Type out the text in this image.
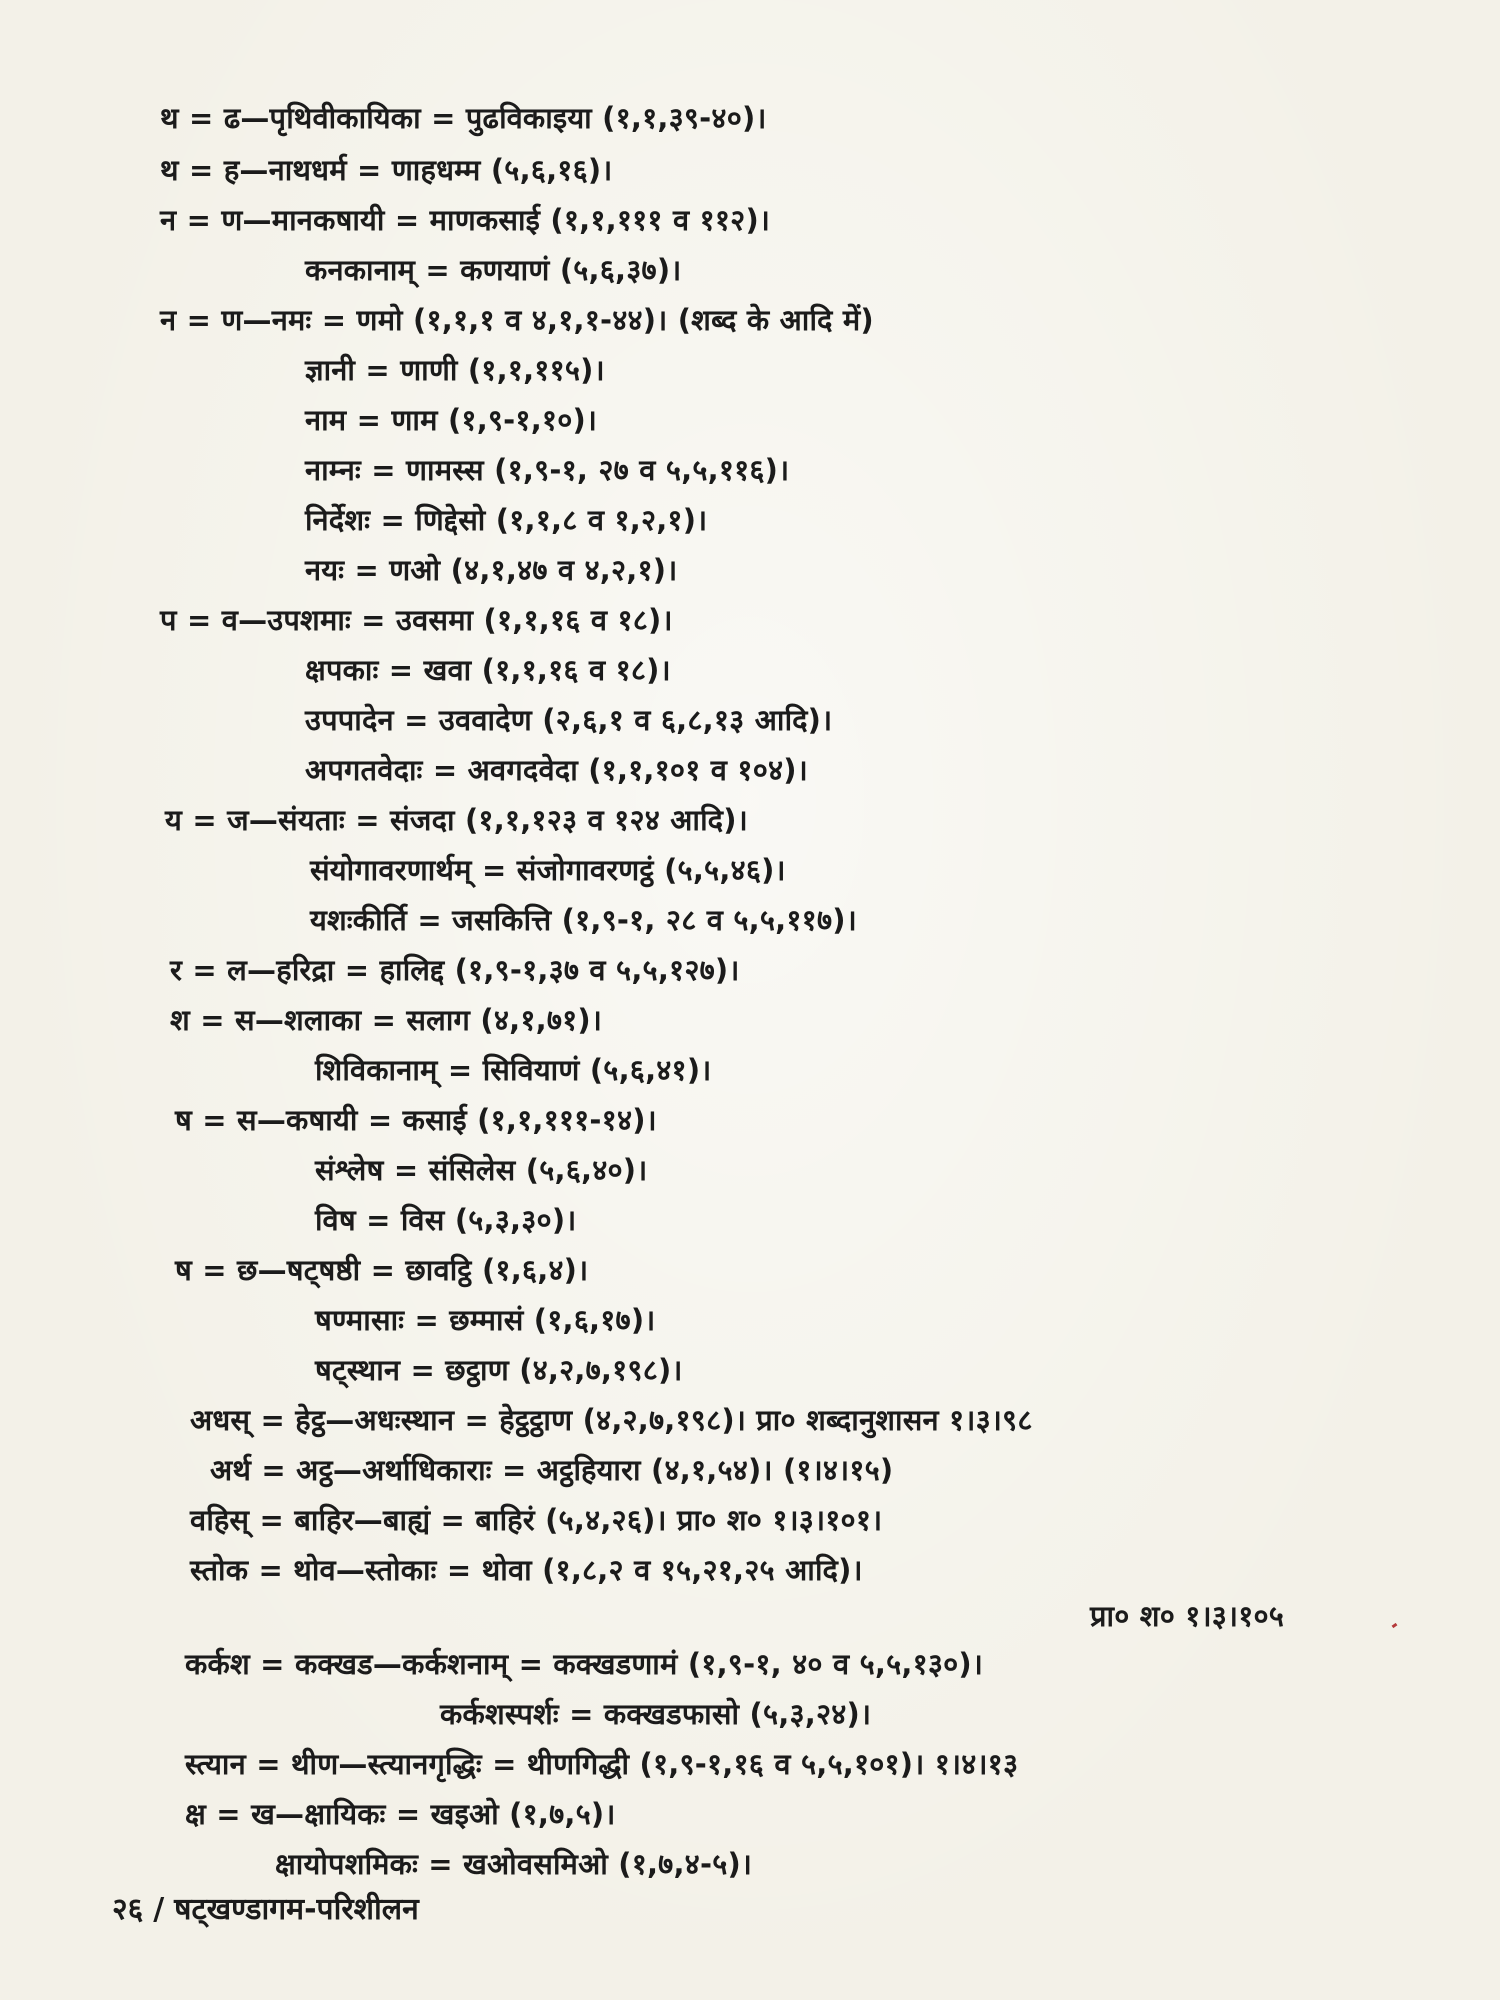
थ = ढ—पृथिवीकायिका = पुढविकाइया (१,१,३९-४०)।
थ = ह—नाथधर्म = णाहधम्म (५,६,१६)।
न = ण—मानकषायी = माणकसाई (१,१,१११ व ११२)।
कनकानाम् = कणयाणं (५,६,३७)।
न = ण—नमः = णमो (१,१,१ व ४,१,१-४४)। (शब्द के आदि में)
ज्ञानी = णाणी (१,१,११५)।
नाम = णाम (१,९-१,१०)।
नाम्नः = णामस्स (१,९-१, २७ व ५,५,११६)।
निर्देशः = णिद्देसो (१,१,८ व १,२,१)।
नयः = णओ (४,१,४७ व ४,२,१)।
प = व—उपशमाः = उवसमा (१,१,१६ व १८)।
क्षपकाः = खवा (१,१,१६ व १८)।
उपपादेन = उववादेण (२,६,१ व ६,८,१३ आदि)।
अपगतवेदाः = अवगदवेदा (१,१,१०१ व १०४)।
य = ज—संयताः = संजदा (१,१,१२३ व १२४ आदि)।
संयोगावरणार्थम् = संजोगावरणट्ठं (५,५,४६)।
यशःकीर्ति = जसकित्ति (१,९-१, २८ व ५,५,११७)।
र = ल—हरिद्रा = हालिद्द (१,९-१,३७ व ५,५,१२७)।
श = स—शलाका = सलाग (४,१,७१)।
शिविकानाम् = सिवियाणं (५,६,४१)।
ष = स—कषायी = कसाई (१,१,१११-१४)।
संश्लेष = संसिलेस (५,६,४०)।
विष = विस (५,३,३०)।
ष = छ—षट्षष्ठी = छावट्ठि (१,६,४)।
षण्मासाः = छम्मासं (१,६,१७)।
षट्स्थान = छट्ठाण (४,२,७,१९८)।
अधस् = हेट्ठ—अधःस्थान = हेट्ठट्ठाण (४,२,७,१९८)। प्रा० शब्दानुशासन १।३।९८
अर्थ = अट्ठ—अर्थाधिकाराः = अट्ठहियारा (४,१,५४)। (१।४।१५)
वहिस् = बाहिर—बाह्यं = बाहिरं (५,४,२६)। प्रा० श० १।३।१०१।
स्तोक = थोव—स्तोकाः = थोवा (१,८,२ व १५,२१,२५ आदि)।
प्रा० श० १।३।१०५
कर्कश = कक्खड—कर्कशनाम् = कक्खडणामं (१,९-१, ४० व ५,५,१३०)।
कर्कशस्पर्शः = कक्खडफासो (५,३,२४)।
स्त्यान = थीण—स्त्यानगृद्धिः = थीणगिद्धी (१,९-१,१६ व ५,५,१०१)। १।४।१३
क्ष = ख—क्षायिकः = खइओ (१,७,५)।
क्षायोपशमिकः = खओवसमिओ (१,७,४-५)।
२६ / षट्खण्डागम-परिशीलन
